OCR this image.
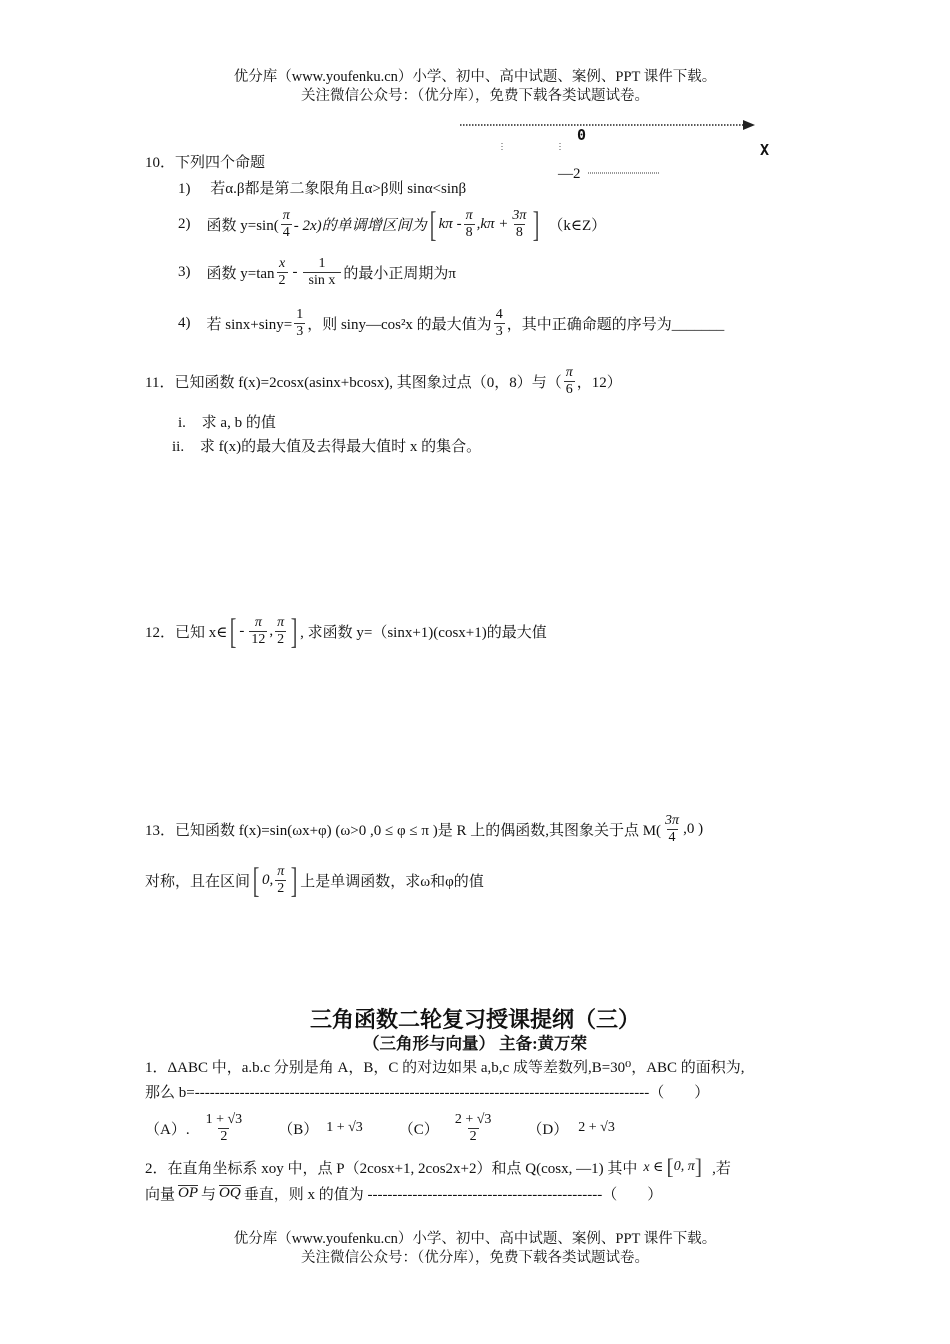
优分库（www.youfenku.cn）小学、初中、高中试题、案例、PPT 课件下载。
关注微信公众号：（优分库），免费下载各类试题试卷。
0
X
—2
10．下列四个命题
1) 若α.β都是第二象限角且α>β则 sinα<sinβ
2) 函数 $y=\sin( \frac{\pi}{4} - 2x)$的单调增区间为 [ $k\pi - \frac{\pi}{8} ,k\pi + \frac{3\pi}{8}$ ] （k∈Z）
3) 函数 $y=\tan \frac{x}{2} - \frac{1}{\text{sin x}}$ 的最小正周期为π
4) 若 $\sin x+\sin y= \frac{1}{3}$ ，则 siny—cos²x 的最大值为 $\frac{4}{3}$ ，其中正确命题的序号为_______
11．已知函数 f(x)=2cosx(asinx+bcosx), 其图象过点（0，8）与（ $\frac{\pi}{6}$ ，12）
i. 求 a, b 的值
ii. 求 f(x)的最大值及去得最大值时 x 的集合。
12．已知 x∈ [ - $\frac{\pi}{12}$ , $\frac{\pi}{2}$ ] , 求函数 y=（sinx+1)(cosx+1)的最大值
13．已知函数 f(x)=sin(ωx+φ) (ω>0 ,0 ≤ φ ≤ π )是 R 上的偶函数,其图象关于点 $M( \frac{3\pi}{4} ,0$ )
对称，且在区间 [ 0, $\frac{\pi}{2}$ ] 上是单调函数，求ω和φ的值
三角函数二轮复习授课提纲（三）
（三角形与向量） 主备:黄万荣
1．ΔABC 中，a.b.c 分别是角 A，B，C 的对边如果 a,b,c 成等差数列,B=30⁰，ABC 的面积为,
那么 b=-------------------------------------------------------------------------------------------（　　）
（A）. $\frac{1 + √3}{2} (B) 1 + √3$ $(C) \frac{2 + √3}{2} (D) 2 + √3$
2．在直角坐标系 xoy 中，点 P（2cosx+1, 2cos2x+2）和点 Q(cosx, —1) 其中 x ∈ [ 0, π ] ,若
向量 OP 与 OQ 垂直，则 x 的值为 -----------------------------------------------（　　）
优分库（www.youfenku.cn）小学、初中、高中试题、案例、PPT 课件下载。
关注微信公众号：（优分库），免费下载各类试题试卷。
